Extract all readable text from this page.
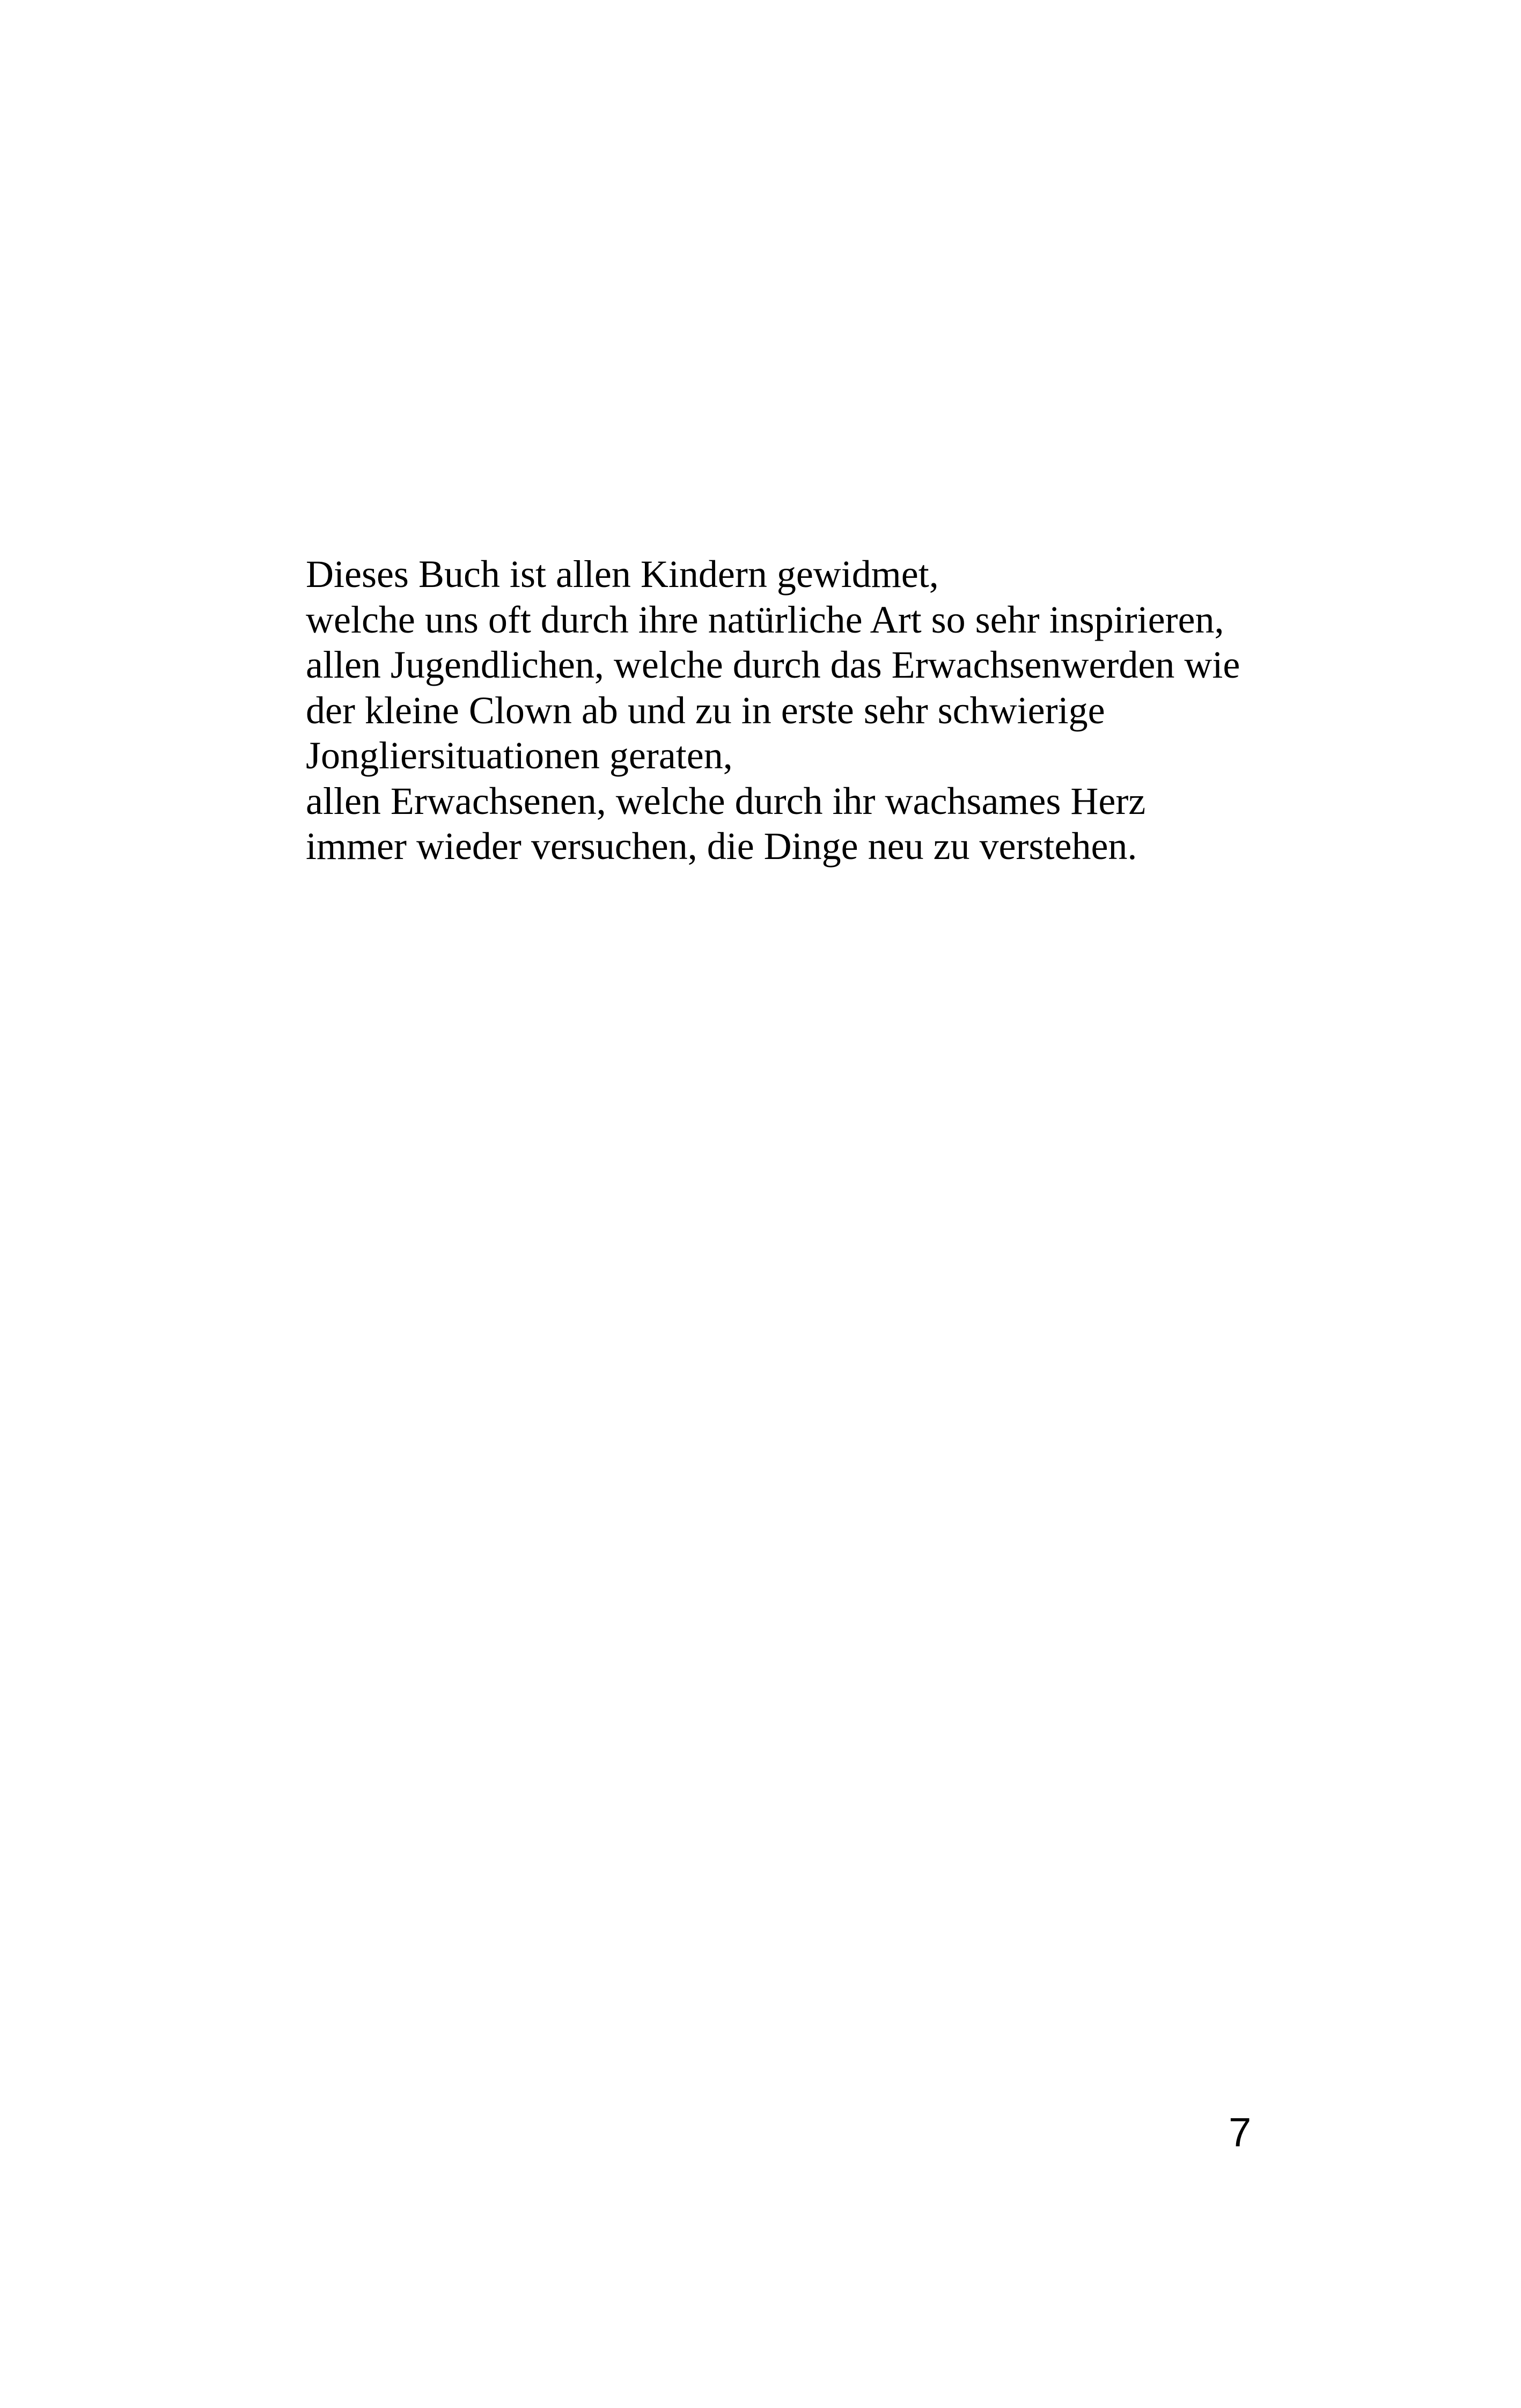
Dieses Buch ist allen Kindern gewidmet,
welche uns oft durch ihre natürliche Art so sehr inspirieren,
allen Jugendlichen, welche durch das Erwachsenwerden wie
der kleine Clown ab und zu in erste sehr schwierige
Jongliersituationen geraten,
allen Erwachsenen, welche durch ihr wachsames Herz
immer wieder versuchen, die Dinge neu zu verstehen.
7
